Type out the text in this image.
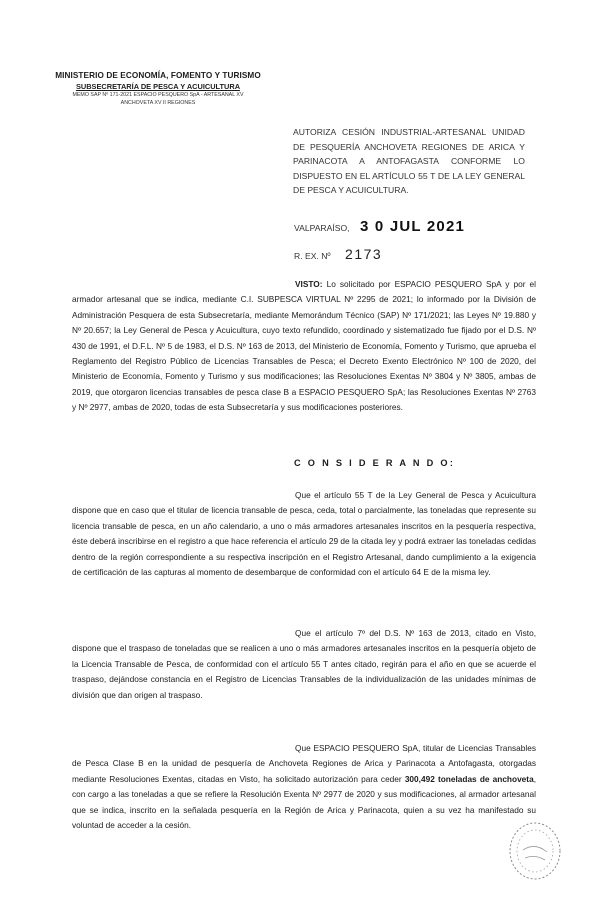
MINISTERIO DE ECONOMÍA, FOMENTO Y TURISMO
SUBSECRETARÍA DE PESCA Y ACUICULTURA
MEMO SAP Nº 171-2021 ESPACIO PESQUERO SpA - ARTESANAL XV
ANCHOVETA XV II REGIONES
AUTORIZA CESIÓN INDUSTRIAL-ARTESANAL UNIDAD DE PESQUERÍA ANCHOVETA REGIONES DE ARICA Y PARINACOTA A ANTOFAGASTA CONFORME LO DISPUESTO EN EL ARTÍCULO 55 T DE LA LEY GENERAL DE PESCA Y ACUICULTURA.
VALPARAÍSO, 3 0 JUL 2021
R. EX. Nº 2173
VISTO: Lo solicitado por ESPACIO PESQUERO SpA y por el armador artesanal que se indica, mediante C.I. SUBPESCA VIRTUAL Nº 2295 de 2021; lo informado por la División de Administración Pesquera de esta Subsecretaría, mediante Memorándum Técnico (SAP) Nº 171/2021; las Leyes Nº 19.880 y Nº 20.657; la Ley General de Pesca y Acuicultura, cuyo texto refundido, coordinado y sistematizado fue fijado por el D.S. Nº 430 de 1991, el D.F.L. Nº 5 de 1983, el D.S. Nº 163 de 2013, del Ministerio de Economía, Fomento y Turismo, que aprueba el Reglamento del Registro Público de Licencias Transables de Pesca; el Decreto Exento Electrónico Nº 100 de 2020, del Ministerio de Economía, Fomento y Turismo y sus modificaciones; las Resoluciones Exentas Nº 3804 y Nº 3805, ambas de 2019, que otorgaron licencias transables de pesca clase B a ESPACIO PESQUERO SpA; las Resoluciones Exentas Nº 2763 y Nº 2977, ambas de 2020, todas de esta Subsecretaría y sus modificaciones posteriores.
C O N S I D E R A N D O:
Que el artículo 55 T de la Ley General de Pesca y Acuicultura dispone que en caso que el titular de licencia transable de pesca, ceda, total o parcialmente, las toneladas que represente su licencia transable de pesca, en un año calendario, a uno o más armadores artesanales inscritos en la pesquería respectiva, éste deberá inscribirse en el registro a que hace referencia el artículo 29 de la citada ley y podrá extraer las toneladas cedidas dentro de la región correspondiente a su respectiva inscripción en el Registro Artesanal, dando cumplimiento a la exigencia de certificación de las capturas al momento de desembarque de conformidad con el artículo 64 E de la misma ley.
Que el artículo 7º del D.S. Nº 163 de 2013, citado en Visto, dispone que el traspaso de toneladas que se realicen a uno o más armadores artesanales inscritos en la pesquería objeto de la Licencia Transable de Pesca, de conformidad con el artículo 55 T antes citado, regirán para el año en que se acuerde el traspaso, dejándose constancia en el Registro de Licencias Transables de la individualización de las unidades mínimas de división que dan origen al traspaso.
Que ESPACIO PESQUERO SpA, titular de Licencias Transables de Pesca Clase B en la unidad de pesquería de Anchoveta Regiones de Arica y Parinacota a Antofagasta, otorgadas mediante Resoluciones Exentas, citadas en Visto, ha solicitado autorización para ceder 300,492 toneladas de anchoveta, con cargo a las toneladas a que se refiere la Resolución Exenta Nº 2977 de 2020 y sus modificaciones, al armador artesanal que se indica, inscrito en la señalada pesquería en la Región de Arica y Parinacota, quien a su vez ha manifestado su voluntad de acceder a la cesión.
